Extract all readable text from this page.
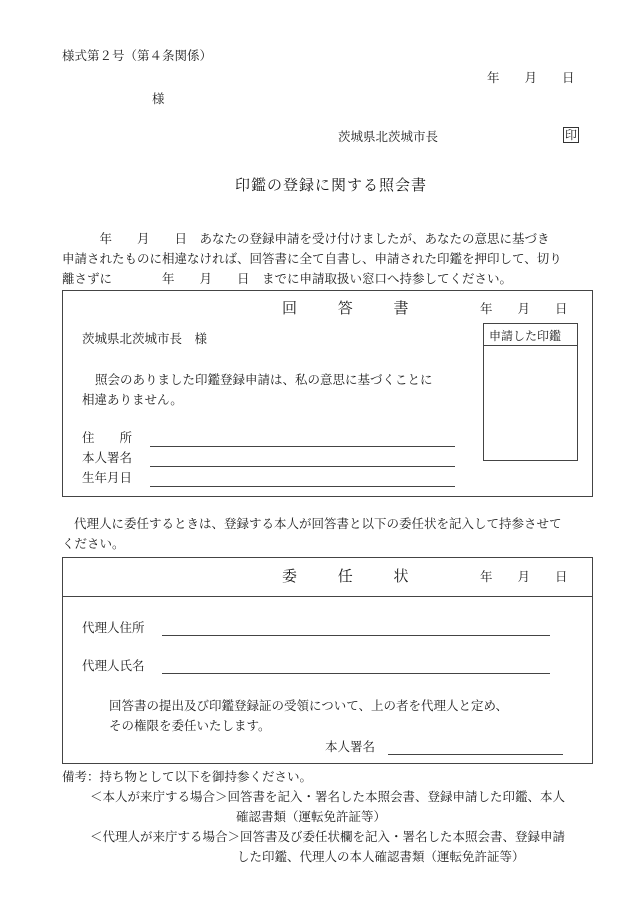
様式第２号（第４条関係）
年　　月　　日
様
茨城県北茨城市長	印
印鑑の登録に関する照会書
　　　年　　月　　日　あなたの登録申請を受け付けましたが、あなたの意思に基づき
申請されたものに相違なければ、回答書に全て自書し、申請された印鑑を押印して、切り
離さずに　　　　年　　月　　日　までに申請取扱い窓口へ持参してください。
回 答 書	年　　月　　日
茨城県北茨城市長　様	申請した印鑑
照会のありました印鑑登録申請は、私の意思に基づくことに
相違ありません。
住　　所
本人署名
生年月日
代理人に委任するときは、登録する本人が回答書と以下の委任状を記入して持参させて
ください。
委 任 状	年　　月　　日
代理人住所
代理人氏名
回答書の提出及び印鑑登録証の受領について、上の者を代理人と定め、
その権限を委任いたします。
本人署名
備考：持ち物として以下を御持参ください。
＜本人が来庁する場合＞回答書を記入・署名した本照会書、登録申請した印鑑、本人
確認書類（運転免許証等）
＜代理人が来庁する場合＞回答書及び委任状欄を記入・署名した本照会書、登録申請
した印鑑、代理人の本人確認書類（運転免許証等）
